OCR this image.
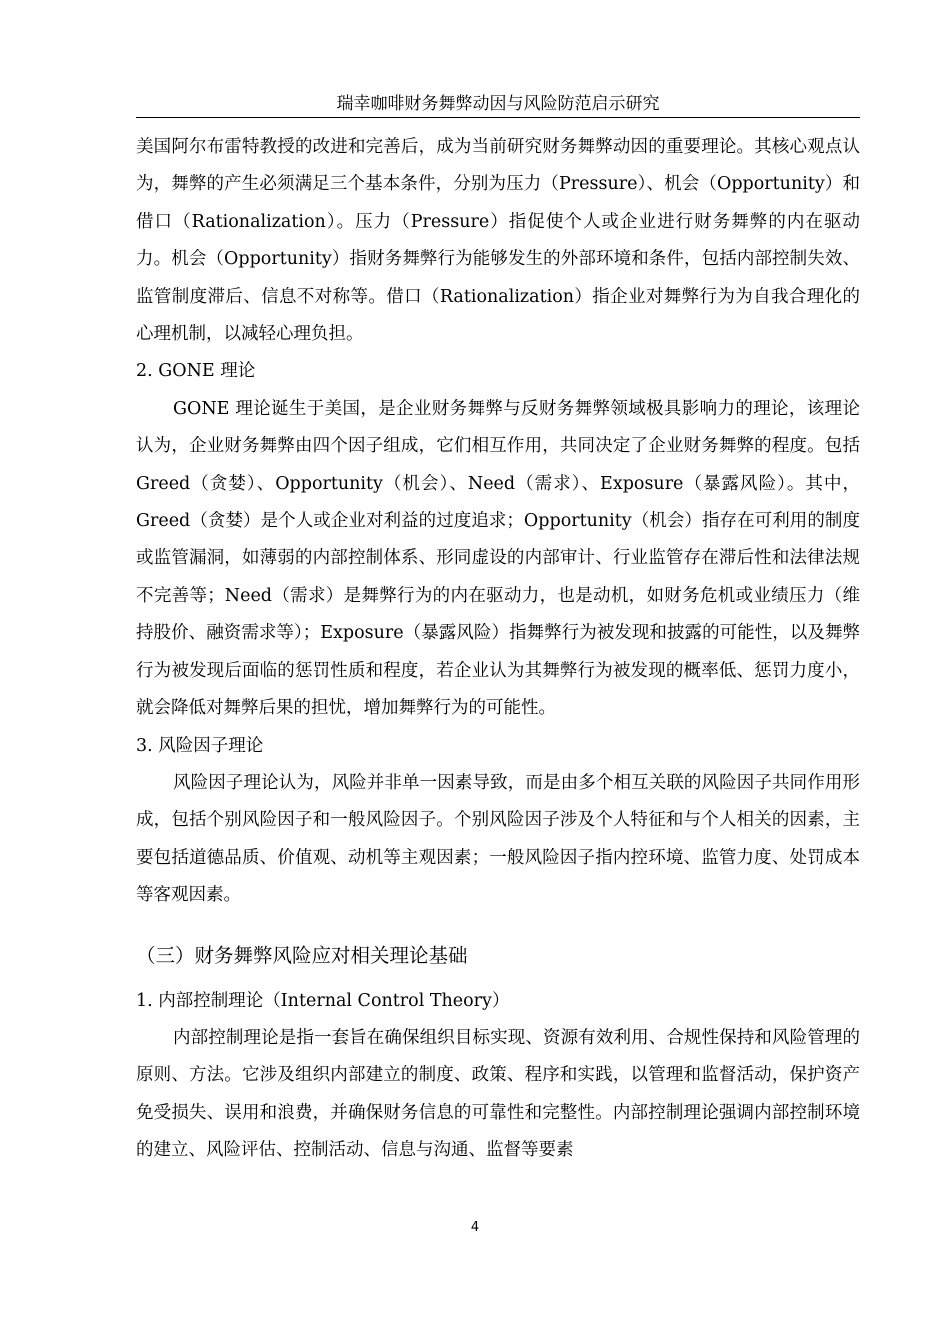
瑞幸咖啡财务舞弊动因与风险防范启示研究

美国阿尔布雷特教授的改进和完善后，成为当前研究财务舞弊动因的重要理论。其核心观点认为，舞弊的产生必须满足三个基本条件，分别为压力（Pressure）、机会（Opportunity）和借口（Rationalization）。压力（Pressure）指促使个人或企业进行财务舞弊的内在驱动力。机会（Opportunity）指财务舞弊行为能够发生的外部环境和条件，包括内部控制失效、监管制度滞后、信息不对称等。借口（Rationalization）指企业对舞弊行为为自我合理化的心理机制，以减轻心理负担。

2. GONE 理论

GONE 理论诞生于美国，是企业财务舞弊与反财务舞弊领域极具影响力的理论，该理论认为，企业财务舞弊由四个因子组成，它们相互作用，共同决定了企业财务舞弊的程度。包括 Greed（贪婪）、Opportunity（机会）、Need（需求）、Exposure（暴露风险）。其中，Greed（贪婪）是个人或企业对利益的过度追求；Opportunity（机会）指存在可利用的制度或监管漏洞，如薄弱的内部控制体系、形同虚设的内部审计、行业监管存在滞后性和法律法规不完善等；Need（需求）是舞弊行为的内在驱动力，也是动机，如财务危机或业绩压力（维持股价、融资需求等）；Exposure（暴露风险）指舞弊行为被发现和披露的可能性，以及舞弊行为被发现后面临的惩罚性质和程度，若企业认为其舞弊行为被发现的概率低、惩罚力度小，就会降低对舞弊后果的担忧，增加舞弊行为的可能性。

3. 风险因子理论

风险因子理论认为，风险并非单一因素导致，而是由多个相互关联的风险因子共同作用形成，包括个别风险因子和一般风险因子。个别风险因子涉及个人特征和与个人相关的因素，主要包括道德品质、价值观、动机等主观因素；一般风险因子指内控环境、监管力度、处罚成本等客观因素。

（三）财务舞弊风险应对相关理论基础
1. 内部控制理论（Internal Control Theory）

内部控制理论是指一套旨在确保组织目标实现、资源有效利用、合规性保持和风险管理的原则、方法。它涉及组织内部建立的制度、政策、程序和实践，以管理和监督活动，保护资产免受损失、误用和浪费，并确保财务信息的可靠性和完整性。内部控制理论强调内部控制环境的建立、风险评估、控制活动、信息与沟通、监督等要素

4
